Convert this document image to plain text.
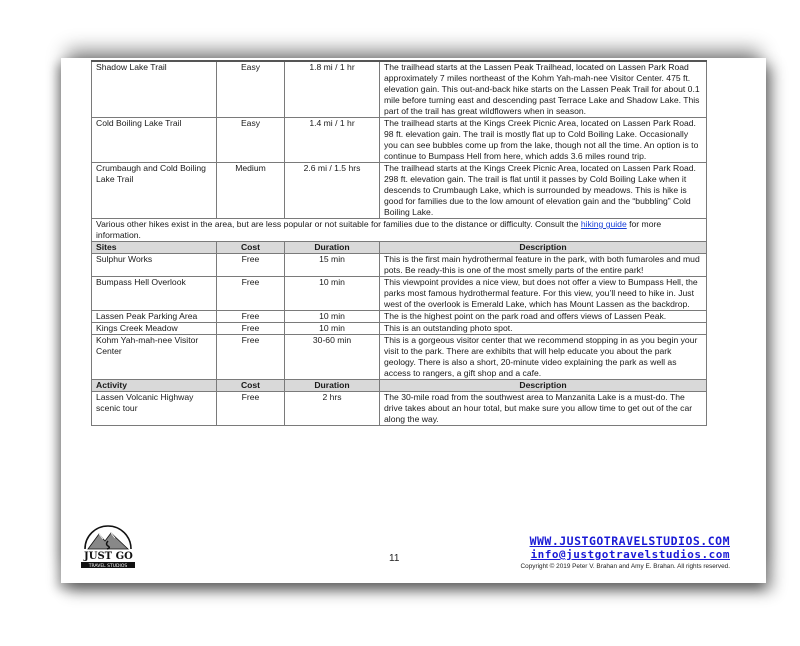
Shadow Lake Trail	Easy	1.8 mi / 1 hr	The trailhead starts at the Lassen Peak Trailhead, located on Lassen Park Road approximately 7 miles northeast of the Kohm Yah-mah-nee Visitor Center. 475 ft. elevation gain. This out-and-back hike starts on the Lassen Peak Trail for about 0.1 mile before turning east and descending past Terrace Lake and Shadow Lake. This part of the trail has great wildflowers when in season.
Cold Boiling Lake Trail	Easy	1.4 mi / 1 hr	The trailhead starts at the Kings Creek Picnic Area, located on Lassen Park Road. 98 ft. elevation gain. The trail is mostly flat up to Cold Boiling Lake. Occasionally you can see bubbles come up from the lake, though not all the time. An option is to continue to Bumpass Hell from here, which adds 3.6 miles round trip.
Crumbaugh and Cold Boiling Lake Trail	Medium	2.6 mi / 1.5 hrs	The trailhead starts at the Kings Creek Picnic Area, located on Lassen Park Road. 298 ft. elevation gain. The trail is flat until it passes by Cold Boiling Lake when it descends to Crumbaugh Lake, which is surrounded by meadows. This is hike is good for families due to the low amount of elevation gain and the “bubbling” Cold Boiling Lake.
Various other hikes exist in the area, but are less popular or not suitable for families due to the distance or difficulty. Consult the hiking guide for more information.			
Sites	Cost	Duration	Description
Sulphur Works	Free	15 min	This is the first main hydrothermal feature in the park, with both fumaroles and mud pots. Be ready-this is one of the most smelly parts of the entire park!
Bumpass Hell Overlook	Free	10 min	This viewpoint provides a nice view, but does not offer a view to Bumpass Hell, the parks most famous hydrothermal feature. For this view, you’ll need to hike in. Just west of the overlook is Emerald Lake, which has Mount Lassen as the backdrop.
Lassen Peak Parking Area	Free	10 min	The is the highest point on the park road and offers views of Lassen Peak.
Kings Creek Meadow	Free	10 min	This is an outstanding photo spot.
Kohm Yah-mah-nee Visitor Center	Free	30-60 min	This is a gorgeous visitor center that we recommend stopping in as you begin your visit to the park. There are exhibits that will help educate you about the park geology. There is also a short, 20-minute video explaining the park as well as access to rangers, a gift shop and a cafe.
Activity	Cost	Duration	Description
Lassen Volcanic Highway scenic tour	Free	2 hrs	The 30-mile road from the southwest area to Manzanita Lake is a must-do. The drive takes about an hour total, but make sure you allow time to get out of the car along the way.
JUST GO
TRAVEL STUDIOS
11
WWW.JUSTGOTRAVELSTUDIOS.COM
info@justgotravelstudios.com
Copyright © 2019 Peter V. Brahan and Amy E. Brahan. All rights reserved.
